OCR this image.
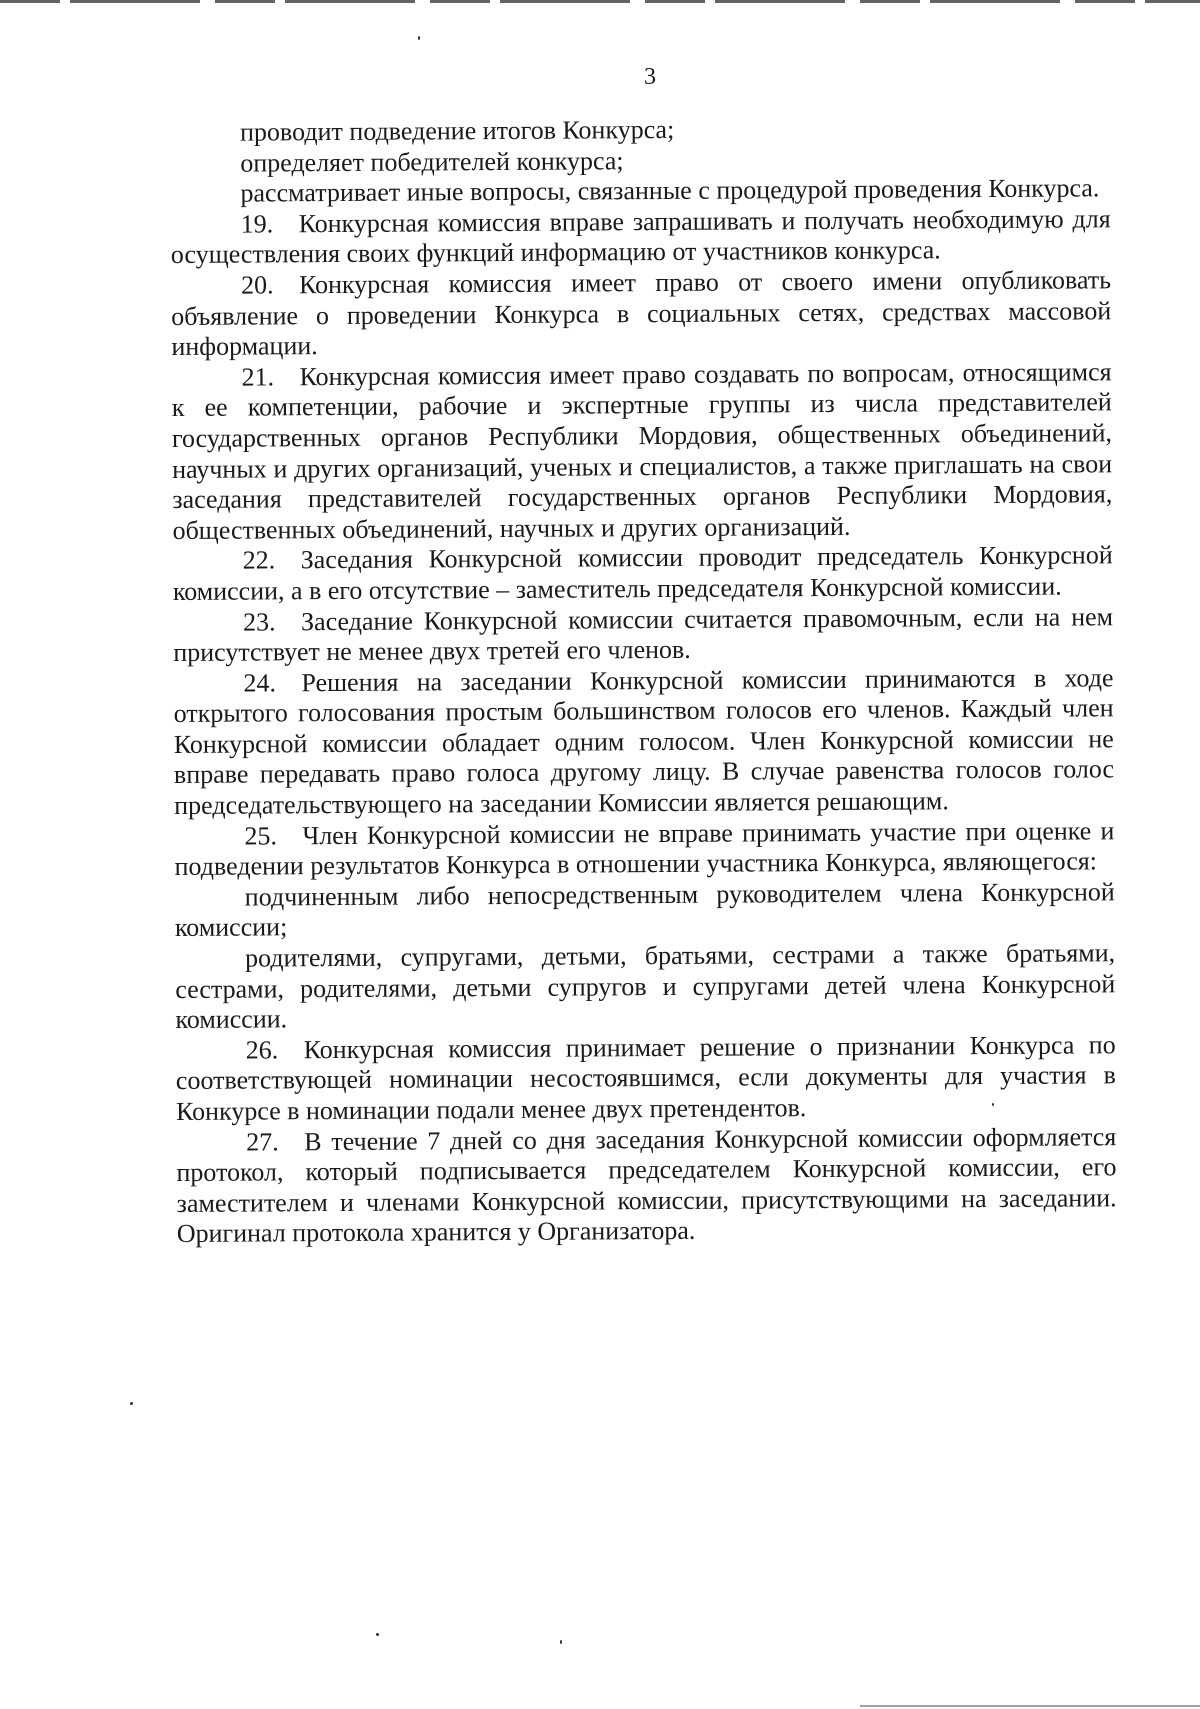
3

проводит подведение итогов Конкурса;

определяет победителей конкурса;

рассматривает иные вопросы, связанные с процедурой проведения Конкурса.

19. Конкурсная комиссия вправе запрашивать и получать необходимую для осуществления своих функций информацию от участников конкурса.

20. Конкурсная комиссия имеет право от своего имени опубликовать объявление о проведении Конкурса в социальных сетях, средствах массовой информации.

21. Конкурсная комиссия имеет право создавать по вопросам, относящимся к ее компетенции, рабочие и экспертные группы из числа представителей государственных органов Республики Мордовия, общественных объединений, научных и других организаций, ученых и специалистов, а также приглашать на свои заседания представителей государственных органов Республики Мордовия, общественных объединений, научных и других организаций.

22. Заседания Конкурсной комиссии проводит председатель Конкурсной комиссии, а в его отсутствие – заместитель председателя Конкурсной комиссии.

23. Заседание Конкурсной комиссии считается правомочным, если на нем присутствует не менее двух третей его членов.

24. Решения на заседании Конкурсной комиссии принимаются в ходе открытого голосования простым большинством голосов его членов. Каждый член Конкурсной комиссии обладает одним голосом. Член Конкурсной комиссии не вправе передавать право голоса другому лицу. В случае равенства голосов голос председательствующего на заседании Комиссии является решающим.

25. Член Конкурсной комиссии не вправе принимать участие при оценке и подведении результатов Конкурса в отношении участника Конкурса, являющегося:

подчиненным либо непосредственным руководителем члена Конкурсной комиссии;

родителями, супругами, детьми, братьями, сестрами а также братьями, сестрами, родителями, детьми супругов и супругами детей члена Конкурсной комиссии.

26. Конкурсная комиссия принимает решение о признании Конкурса по соответствующей номинации несостоявшимся, если документы для участия в Конкурсе в номинации подали менее двух претендентов.

27. В течение 7 дней со дня заседания Конкурсной комиссии оформляется протокол, который подписывается председателем Конкурсной комиссии, его заместителем и членами Конкурсной комиссии, присутствующими на заседании. Оригинал протокола хранится у Организатора.
